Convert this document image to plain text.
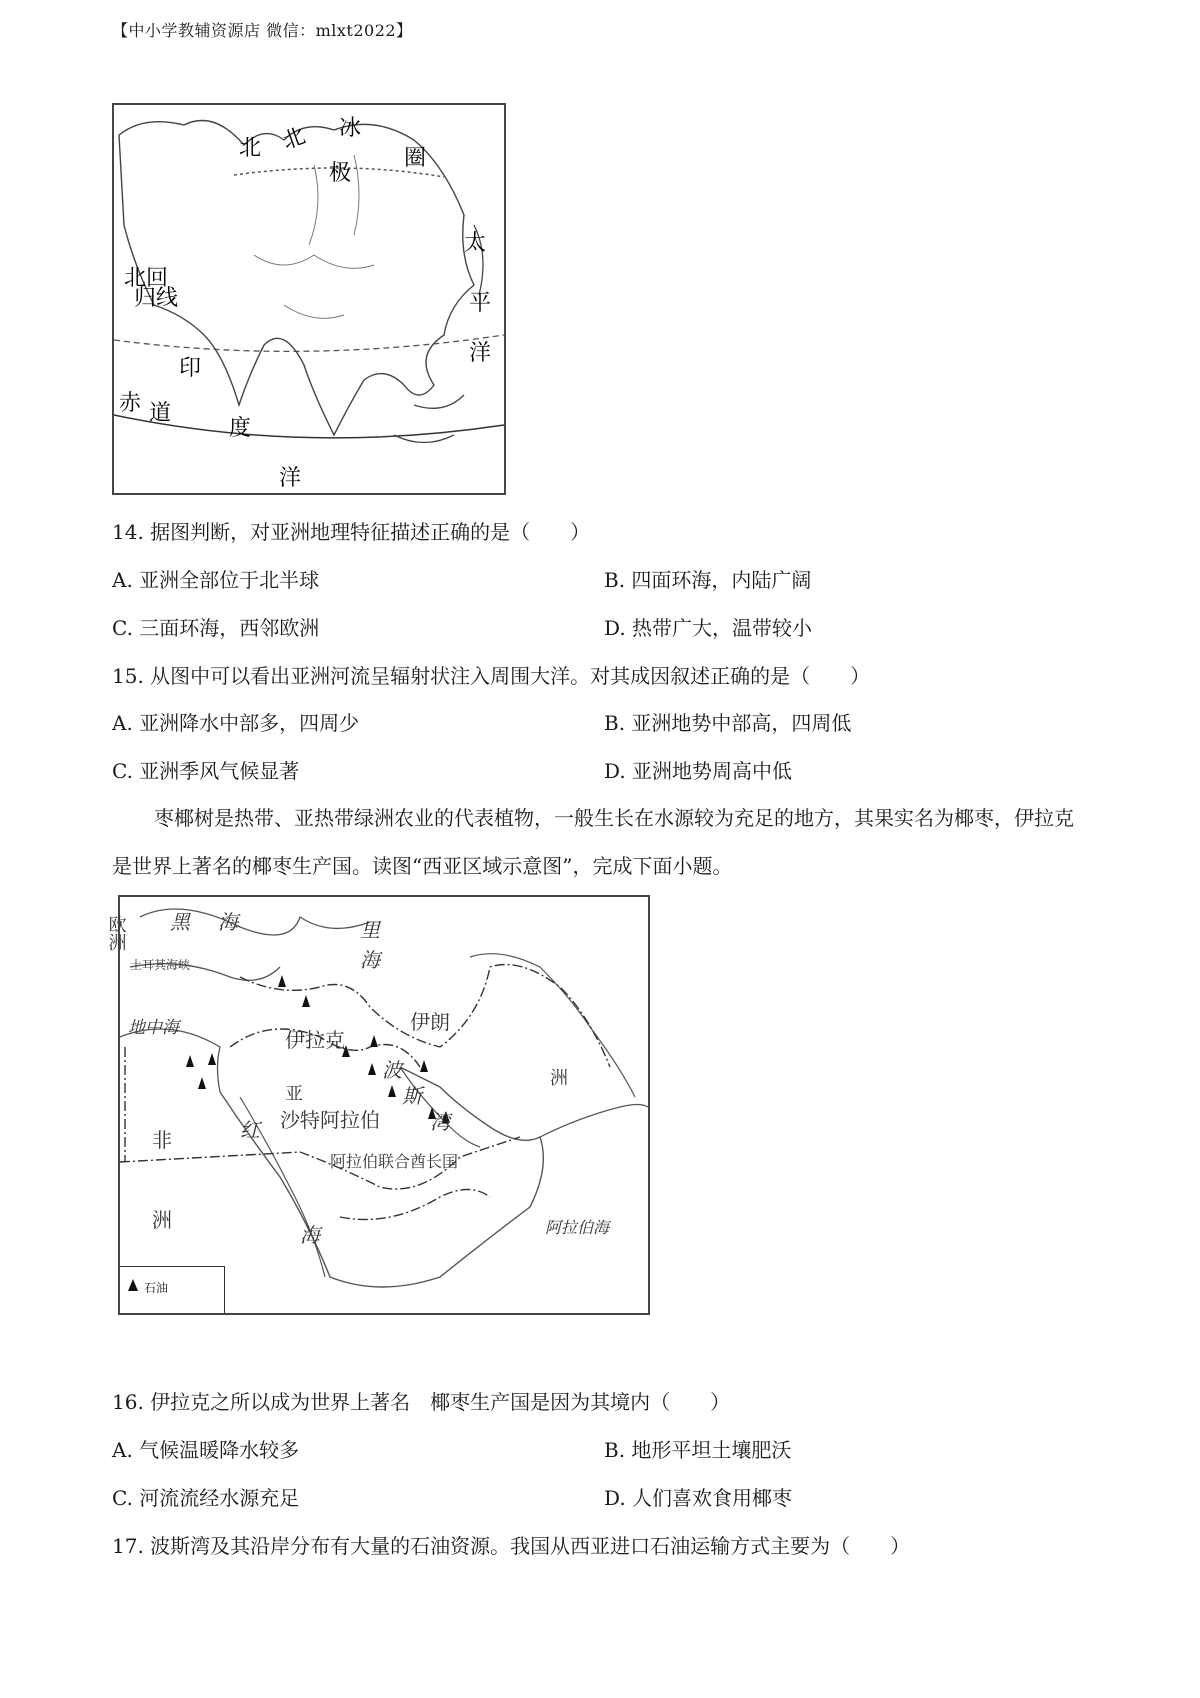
【中小学教辅资源店 微信：mlxt2022】
北 冰
极
圈
北
北回
归线
太
平
洋
印
赤 道
度
洋
14. 据图判断，对亚洲地理特征描述正确的是（　　）
A. 亚洲全部位于北半球	B. 四面环海，内陆广阔
C. 三面环海，西邻欧洲	D. 热带广大，温带较小
15. 从图中可以看出亚洲河流呈辐射状注入周围大洋。对其成因叙述正确的是（　　）
A. 亚洲降水中部多，四周少	B. 亚洲地势中部高，四周低
C. 亚洲季风气候显著	D. 亚洲地势周高中低
枣椰树是热带、亚热带绿洲农业的代表植物，一般生长在水源较为充足的地方，其果实名为椰枣，伊拉克是世界上著名的椰枣生产国。读图“西亚区域示意图”，完成下面小题。
欧洲 黑 海	里
海
土耳其海峡
地中海	伊朗
伊拉克
亚
洲
波
斯
湾
沙特阿拉伯
非
洲
红
海
阿拉伯联合酋长国
阿拉伯海
石油
16. 伊拉克之所以成为世界上著名　椰枣生产国是因为其境内（　　）
A. 气候温暖降水较多	B. 地形平坦土壤肥沃
C. 河流流经水源充足	D. 人们喜欢食用椰枣
17. 波斯湾及其沿岸分布有大量的石油资源。我国从西亚进口石油运输方式主要为（　　）
